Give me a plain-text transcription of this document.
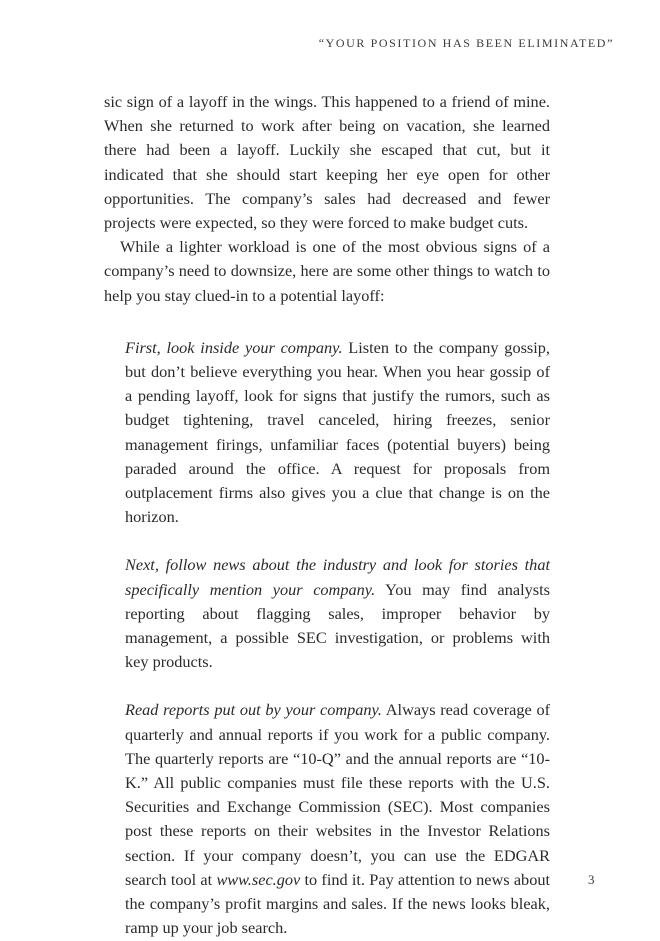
“YOUR POSITION HAS BEEN ELIMINATED”

sic sign of a layoff in the wings. This happened to a friend of mine. When she returned to work after being on vacation, she learned there had been a layoff. Luckily she escaped that cut, but it indicated that she should start keeping her eye open for other opportunities. The company’s sales had decreased and fewer projects were expected, so they were forced to make budget cuts.

While a lighter workload is one of the most obvious signs of a company’s need to downsize, here are some other things to watch to help you stay clued-in to a potential layoff:

First, look inside your company. Listen to the company gossip, but don’t believe everything you hear. When you hear gossip of a pending layoff, look for signs that justify the rumors, such as budget tightening, travel canceled, hiring freezes, senior management firings, unfamiliar faces (potential buyers) being paraded around the office. A request for proposals from outplacement firms also gives you a clue that change is on the horizon.

Next, follow news about the industry and look for stories that specifically mention your company. You may find analysts reporting about flagging sales, improper behavior by management, a possible SEC investigation, or problems with key products.

Read reports put out by your company. Always read coverage of quarterly and annual reports if you work for a public company. The quarterly reports are “10-Q” and the annual reports are “10-K.” All public companies must file these reports with the U.S. Securities and Exchange Commission (SEC). Most companies post these reports on their websites in the Investor Relations section. If your company doesn’t, you can use the EDGAR search tool at www.sec.gov to find it. Pay attention to news about the company’s profit margins and sales. If the news looks bleak, ramp up your job search.

3
